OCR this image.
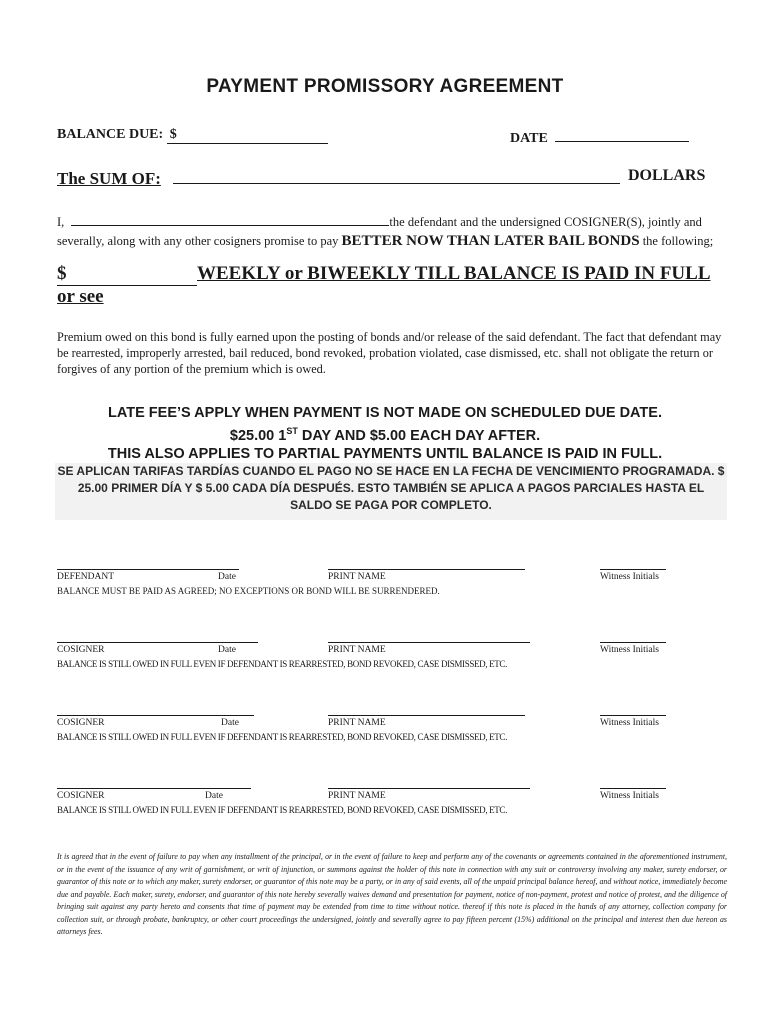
PAYMENT PROMISSORY AGREEMENT
BALANCE DUE: $	DATE
The SUM OF:	DOLLARS
I,	the defendant and the undersigned COSIGNER(S), jointly and severally, along with any other cosigners promise to pay BETTER NOW THAN LATER BAIL BONDS the following;
$	WEEKLY or BIWEEKLY TILL BALANCE IS PAID IN FULL or see
Premium owed on this bond is fully earned upon the posting of bonds and/or release of the said defendant. The fact that defendant may be rearrested, improperly arrested, bail reduced, bond revoked, probation violated, case dismissed, etc. shall not obligate the return or forgives of any portion of the premium which is owed.
LATE FEE’S APPLY WHEN PAYMENT IS NOT MADE ON SCHEDULED DUE DATE.
$25.00 1ST DAY AND $5.00 EACH DAY AFTER.
THIS ALSO APPLIES TO PARTIAL PAYMENTS UNTIL BALANCE IS PAID IN FULL.
SE APLICAN TARIFAS TARDÍAS CUANDO EL PAGO NO SE HACE EN LA FECHA DE VENCIMIENTO PROGRAMADA. $ 25.00 PRIMER DÍA Y $ 5.00 CADA DÍA DESPUÉS. ESTO TAMBIÉN SE APLICA A PAGOS PARCIALES HASTA EL SALDO SE PAGA POR COMPLETO.
DEFENDANT	Date	PRINT NAME	Witness Initials
BALANCE MUST BE PAID AS AGREED; NO EXCEPTIONS OR BOND WILL BE SURRENDERED.
COSIGNER	Date	PRINT NAME	Witness Initials
BALANCE IS STILL OWED IN FULL EVEN IF DEFENDANT IS REARRESTED, BOND REVOKED, CASE DISMISSED, ETC.
COSIGNER	Date	PRINT NAME	Witness Initials
BALANCE IS STILL OWED IN FULL EVEN IF DEFENDANT IS REARRESTED, BOND REVOKED, CASE DISMISSED, ETC.
COSIGNER	Date	PRINT NAME	Witness Initials
BALANCE IS STILL OWED IN FULL EVEN IF DEFENDANT IS REARRESTED, BOND REVOKED, CASE DISMISSED, ETC.
It is agreed that in the event of failure to pay when any installment of the principal, or in the event of failure to keep and perform any of the covenants or agreements contained in the aforementioned instrument, or in the event of the issuance of any writ of garnishment, or writ of injunction, or summons against the holder of this note in connection with any suit or controversy involving any maker, surety endorser, or guarantor of this note or to which any maker, surety endorser, or guarantor of this note may be a party, or in any of said events, all of the unpaid principal balance hereof, and without notice, immediately become due and payable. Each maker, surety, endorser, and guarantor of this note hereby severally waives demand and presentation for payment, notice of non-payment, protest and notice of protest, and the diligence of bringing suit against any party hereto and consents that time of payment may be extended from time to time without notice. thereof if this note is placed in the hands of any attorney, collection company for collection suit, or through probate, bankruptcy, or other court proceedings the undersigned, jointly and severally agree to pay fifteen percent (15%) additional on the principal and interest then due hereon as attorneys fees.
